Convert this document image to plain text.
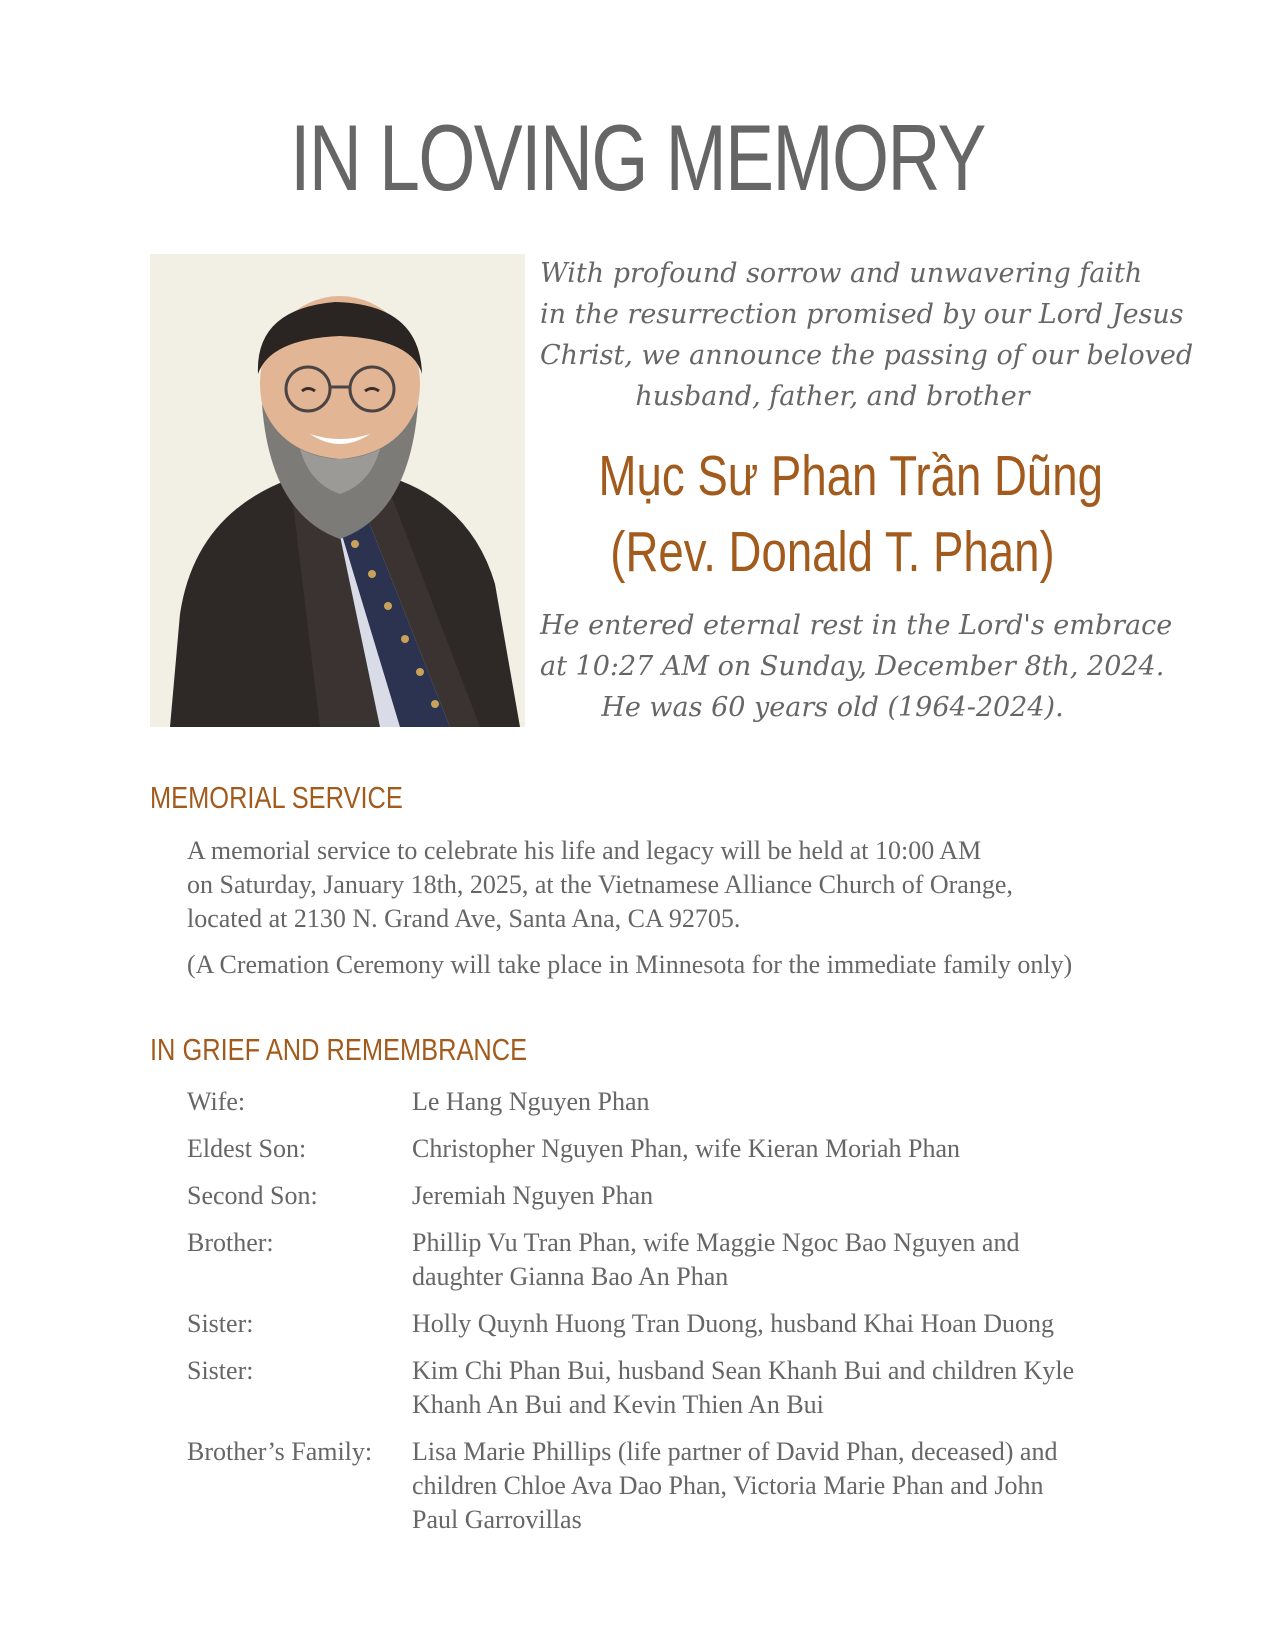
IN LOVING MEMORY
With profound sorrow and unwavering faith
in the resurrection promised by our Lord Jesus
Christ, we announce the passing of our beloved
husband, father, and brother
Mục Sư Phan Trần Dũng
(Rev. Donald T. Phan)
He entered eternal rest in the Lord's embrace
at 10:27 AM on Sunday, December 8th, 2024.
He was 60 years old (1964-2024).
MEMORIAL SERVICE
A memorial service to celebrate his life and legacy will be held at 10:00 AM
on Saturday, January 18th, 2025, at the Vietnamese Alliance Church of Orange,
located at 2130 N. Grand Ave, Santa Ana, CA 92705.
(A Cremation Ceremony will take place in Minnesota for the immediate family only)
IN GRIEF AND REMEMBRANCE
Wife:	Le Hang Nguyen Phan
Eldest Son:	Christopher Nguyen Phan, wife Kieran Moriah Phan
Second Son:	Jeremiah Nguyen Phan
Brother:	Phillip Vu Tran Phan, wife Maggie Ngoc Bao Nguyen and
daughter Gianna Bao An Phan
Sister:	Holly Quynh Huong Tran Duong, husband Khai Hoan Duong
Sister:	Kim Chi Phan Bui, husband Sean Khanh Bui and children Kyle
Khanh An Bui and Kevin Thien An Bui
Brother’s Family:	Lisa Marie Phillips (life partner of David Phan, deceased) and
children Chloe Ava Dao Phan, Victoria Marie Phan and John
Paul Garrovillas
